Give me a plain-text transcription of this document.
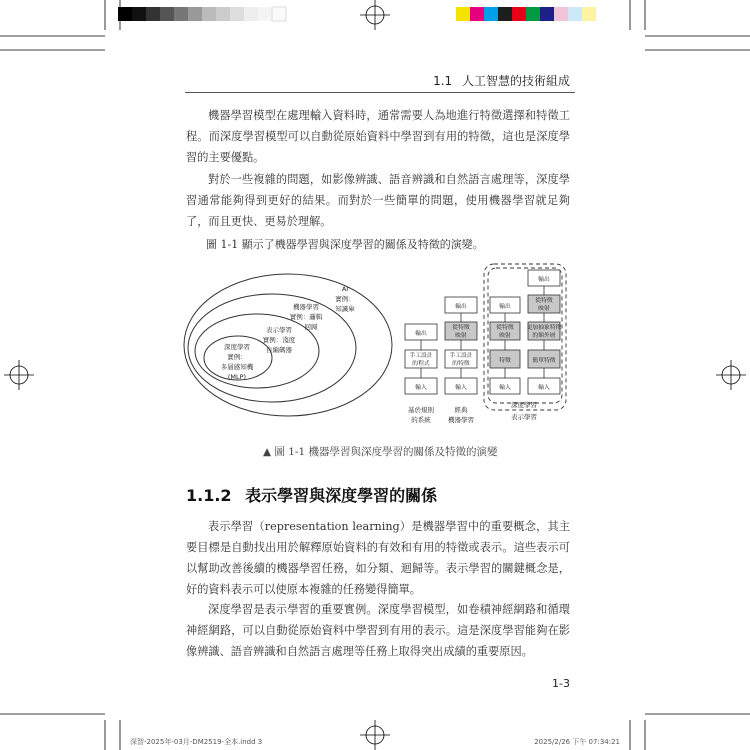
1.1 人工智慧的技術組成

機器學習模型在處理輸入資料時，通常需要人為地進行特徵選擇和特徵工程。而深度學習模型可以自動從原始資料中學習到有用的特徵，這也是深度學習的主要優點。

對於一些複雜的問題，如影像辨識、語音辨識和自然語言處理等，深度學習通常能夠得到更好的結果。而對於一些簡單的問題，使用機器學習就足夠了，而且更快、更易於理解。

圖 1-1 顯示了機器學習與深度學習的關係及特徵的演變。
AI
實例：
知識庫
機器學習
實例：邏輯
回歸
表示學習
實例：淺度
自編碼器
深度學習
實例：
多層感知機
(MLP)
輸出
手工設計
的程式
輸入
輸出
從特徵
映射
手工設計
的特徵
輸入
輸出
從特徵
映射
特徵
輸入
輸出
從特徵
映射
更加抽象特徵
的額外層
簡單特徵
輸入
深度學習
表示學習
基於規則
的系統
經典
機器學習
▲ 圖 1-1 機器學習與深度學習的關係及特徵的演變
1.1.2 表示學習與深度學習的關係

表示學習（representation learning）是機器學習中的重要概念，其主要目標是自動找出用於解釋原始資料的有效和有用的特徵或表示。這些表示可以幫助改善後續的機器學習任務，如分類、迴歸等。表示學習的關鍵概念是，好的資料表示可以使原本複雜的任務變得簡單。

深度學習是表示學習的重要實例。深度學習模型，如卷積神經網路和循環神經網路，可以自動從原始資料中學習到有用的表示。這是深度學習能夠在影像辨識、語音辨識和自然語言處理等任務上取得突出成績的重要原因。

1-3
深智-2025年-03月-DM2519-全本.indd 3	2025/2/26 下午 07:34:21
